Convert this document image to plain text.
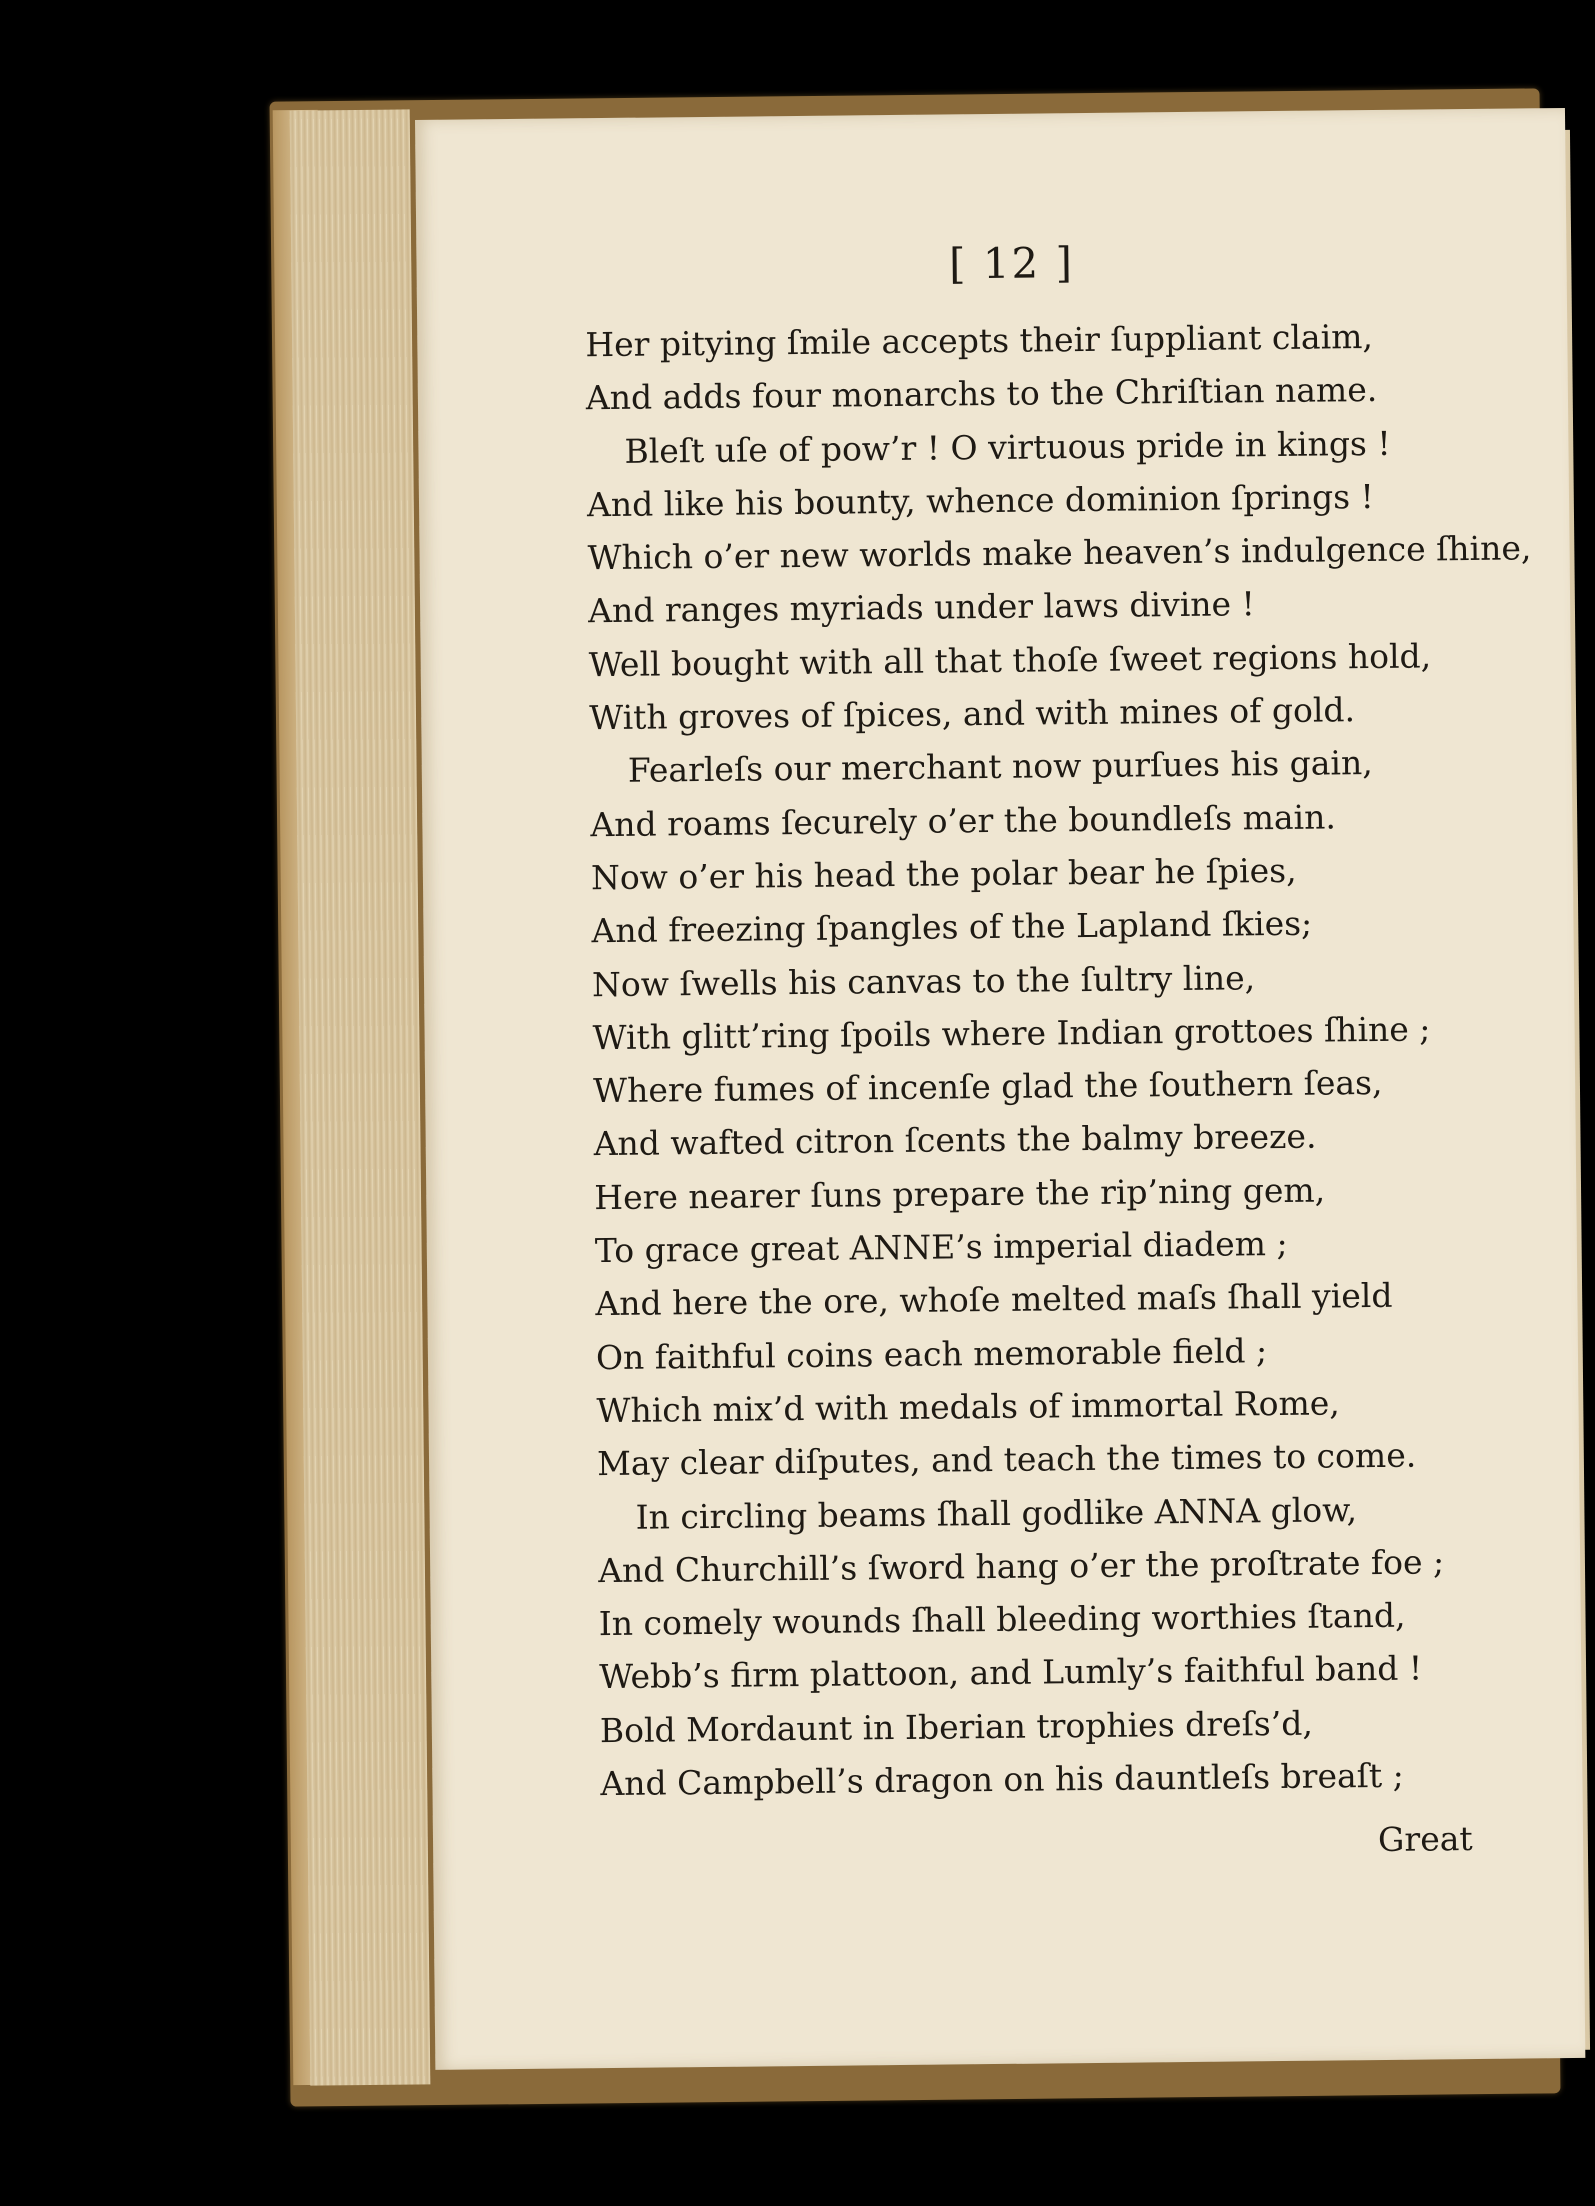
[ 12 ]
Her pitying ſmile accepts their ſuppliant claim,
And adds four monarchs to the Chriſtian name.
Bleſt uſe of pow’r ! O virtuous pride in kings !
And like his bounty, whence dominion ſprings !
Which o’er new worlds make heaven’s indulgence ſhine,
And ranges myriads under laws divine !
Well bought with all that thoſe ſweet regions hold,
With groves of ſpices, and with mines of gold.
Fearleſs our merchant now purſues his gain,
And roams ſecurely o’er the boundleſs main.
Now o’er his head the polar bear he ſpies,
And freezing ſpangles of the Lapland ſkies;
Now ſwells his canvas to the ſultry line,
With glitt’ring ſpoils where Indian grottoes ſhine ;
Where fumes of incenſe glad the ſouthern ſeas,
And wafted citron ſcents the balmy breeze.
Here nearer ſuns prepare the rip’ning gem,
To grace great ANNE’s imperial diadem ;
And here the ore, whoſe melted maſs ſhall yield
On faithful coins each memorable field ;
Which mix’d with medals of immortal Rome,
May clear diſputes, and teach the times to come.
In circling beams ſhall godlike ANNA glow,
And Churchill’s ſword hang o’er the proſtrate foe ;
In comely wounds ſhall bleeding worthies ſtand,
Webb’s firm plattoon, and Lumly’s faithful band !
Bold Mordaunt in Iberian trophies dreſs’d,
And Campbell’s dragon on his dauntleſs breaſt ;
Great
